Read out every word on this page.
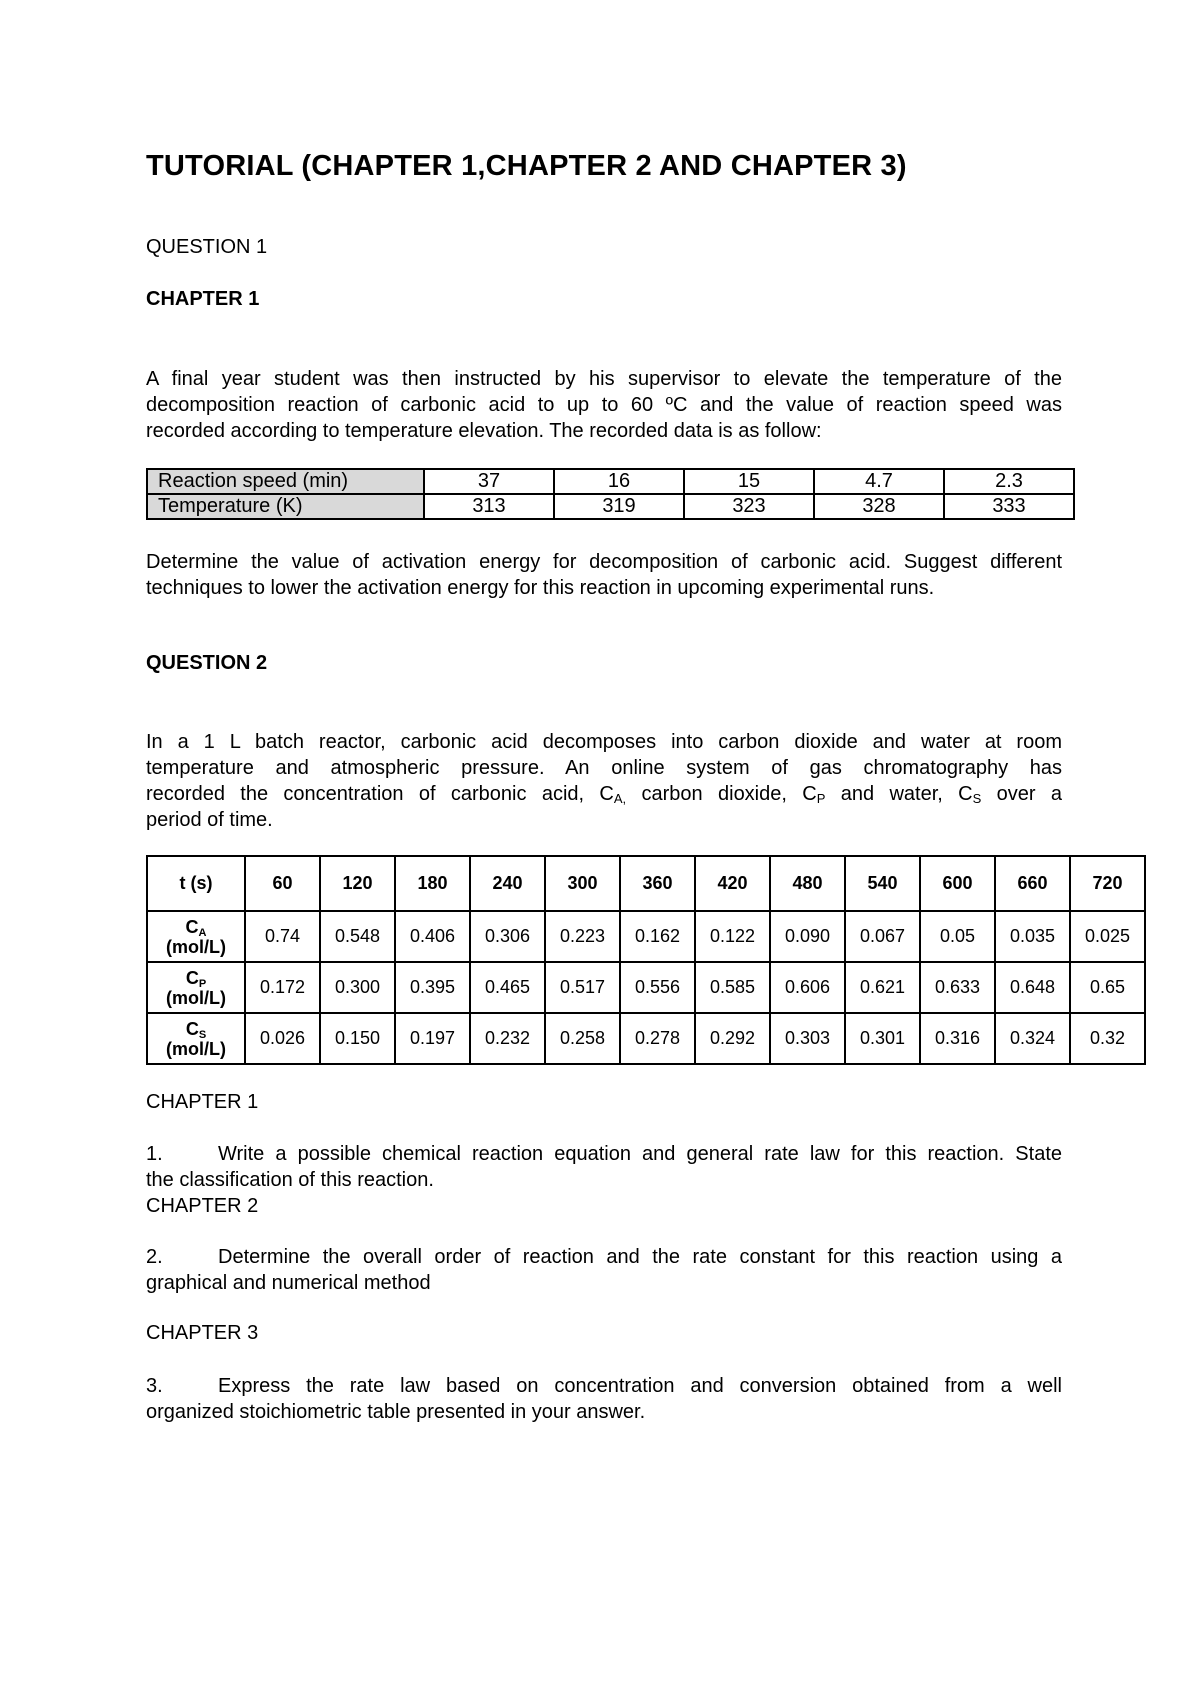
TUTORIAL (CHAPTER 1,CHAPTER 2 AND CHAPTER 3)
QUESTION 1
CHAPTER 1
A final year student was then instructed by his supervisor to elevate the temperature of the
decomposition reaction of carbonic acid to up to 60 ºC and the value of reaction speed was
recorded according to temperature elevation. The recorded data is as follow:
Reaction speed (min)	37	16	15	4.7	2.3
Temperature (K)	313	319	323	328	333
Determine the value of activation energy for decomposition of carbonic acid. Suggest different
techniques to lower the activation energy for this reaction in upcoming experimental runs.
QUESTION 2
In a 1 L batch reactor, carbonic acid decomposes into carbon dioxide and water at room
temperature and atmospheric pressure. An online system of gas chromatography has
recorded the concentration of carbonic acid, $C_{A,}$ carbon dioxide, $C_P$ and water, $C_S$ over a
period of time.
t (s)	60	120	180	240	300	360	420	480	540	600	660	720
$C_A$
(mol/L)	0.74	0.548	0.406	0.306	0.223	0.162	0.122	0.090	0.067	0.05	0.035	0.025
$C_P$
(mol/L)	0.172	0.300	0.395	0.465	0.517	0.556	0.585	0.606	0.621	0.633	0.648	0.65
$C_S$
(mol/L)	0.026	0.150	0.197	0.232	0.258	0.278	0.292	0.303	0.301	0.316	0.324	0.32
CHAPTER 1
1.	Write a possible chemical reaction equation and general rate law for this reaction. State
the classification of this reaction.
CHAPTER 2
2.	Determine the overall order of reaction and the rate constant for this reaction using a
graphical and numerical method
CHAPTER 3
3.	Express the rate law based on concentration and conversion obtained from a well
organized stoichiometric table presented in your answer.
